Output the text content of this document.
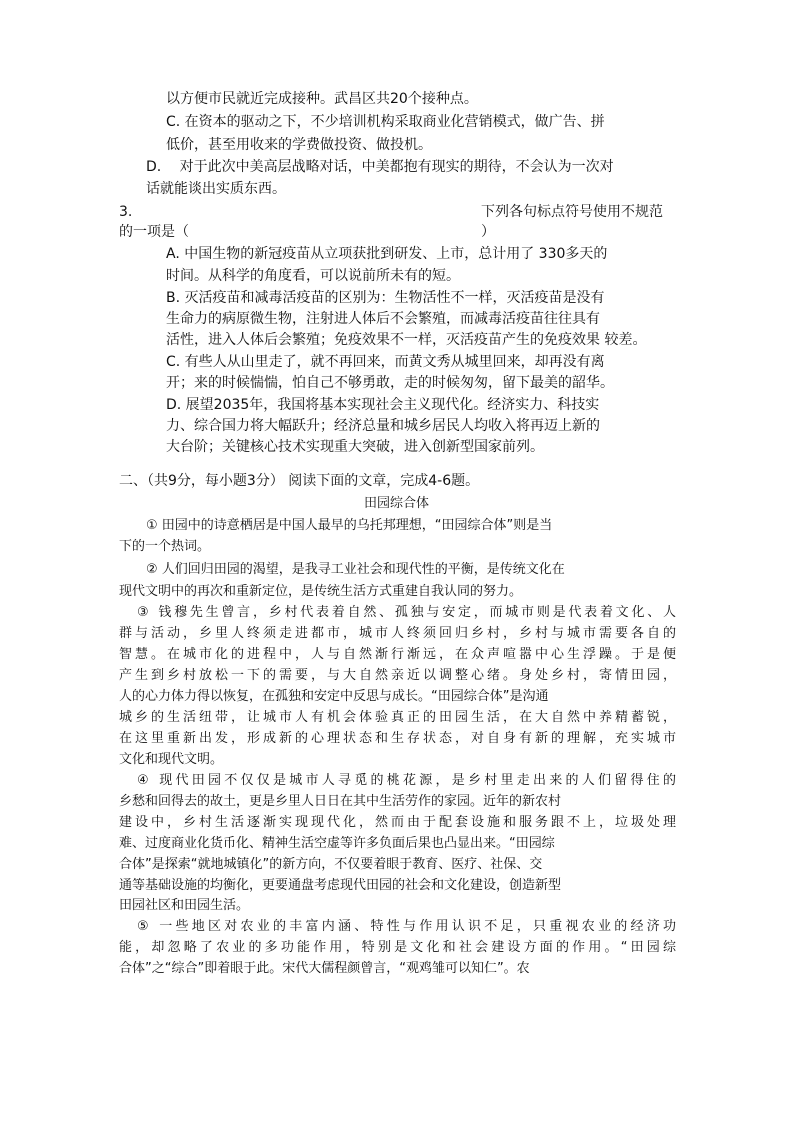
以方便市民就近完成接种。武昌区共20个接种点。
C. 在资本的驱动之下，不少培训机构采取商业化营销模式，做广告、拼
低价，甚至用收来的学费做投资、做投机。
D.　 对于此次中美高层战略对话，中美都抱有现实的期待，不会认为一次对
话就能谈出实质东西。
3.	下列各句标点符号使用不规范
的一项是（	）
A. 中国生物的新冠疫苗从立项获批到研发、上市，总计用了 330多天的
时间。从科学的角度看，可以说前所未有的短。
B. 灭活疫苗和减毒活疫苗的区别为：生物活性不一样，灭活疫苗是没有
生命力的病原微生物，注射进人体后不会繁殖，而减毒活疫苗往往具有
活性，进入人体后会繁殖；免疫效果不一样，灭活疫苗产生的免疫效果 较差。
C. 有些人从山里走了，就不再回来，而黄文秀从城里回来，却再没有离
开；来的时候惴惴，怕自己不够勇敢，走的时候匆匆，留下最美的韶华。
D. 展望2035年，我国将基本实现社会主义现代化。经济实力、科技实
力、综合国力将大幅跃升；经济总量和城乡居民人均收入将再迈上新的
大台阶；关键核心技术实现重大突破，进入创新型国家前列。
二、（共9分，每小题3分） 阅读下面的文章，完成4-6题。
田园综合体
① 田园中的诗意栖居是中国人最早的乌托邦理想，“田园综合体”则是当
下的一个热词。
② 人们回归田园的渴望，是我寻工业社会和现代性的平衡，是传统文化在
现代文明中的再次和重新定位，是传统生活方式重建自我认同的努力。
③ 钱穆先生曾言，乡村代表着自然、孤独与安定，而城市则是代表着文化、人
群与活动，乡里人终须走进都市，城市人终须回归乡村，乡村与城市需要各自的
智慧。在城市化的进程中，人与自然渐行渐远，在众声喧嚣中心生浮躁。于是便
产生到乡村放松一下的需要，与大自然亲近以调整心绪。身处乡村，寄情田园，
人的心力体力得以恢复，在孤独和安定中反思与成长。“田园综合体”是沟通
城乡的生活纽带，让城市人有机会体验真正的田园生活，在大自然中养精蓄锐，
在这里重新出发，形成新的心理状态和生存状态，对自身有新的理解，充实城市
文化和现代文明。
④ 现代田园不仅仅是城市人寻觅的桃花源，是乡村里走出来的人们留得住的
乡愁和回得去的故土，更是乡里人日日在其中生活劳作的家园。近年的新农村
建设中，乡村生活逐渐实现现代化，然而由于配套设施和服务跟不上，垃圾处理
难、过度商业化货币化、精神生活空虚等许多负面后果也凸显出来。“田园综
合体”是探索“就地城镇化”的新方向，不仅要着眼于教育、医疗、社保、交
通等基础设施的均衡化，更要通盘考虑现代田园的社会和文化建设，创造新型
田园社区和田园生活。
⑤ 一些地区对农业的丰富内涵、特性与作用认识不足，只重视农业的经济功
能，却忽略了农业的多功能作用，特别是文化和社会建设方面的作用。“田园综
合体”之“综合”即着眼于此。宋代大儒程颜曾言，“观鸡雏可以知仁”。农
